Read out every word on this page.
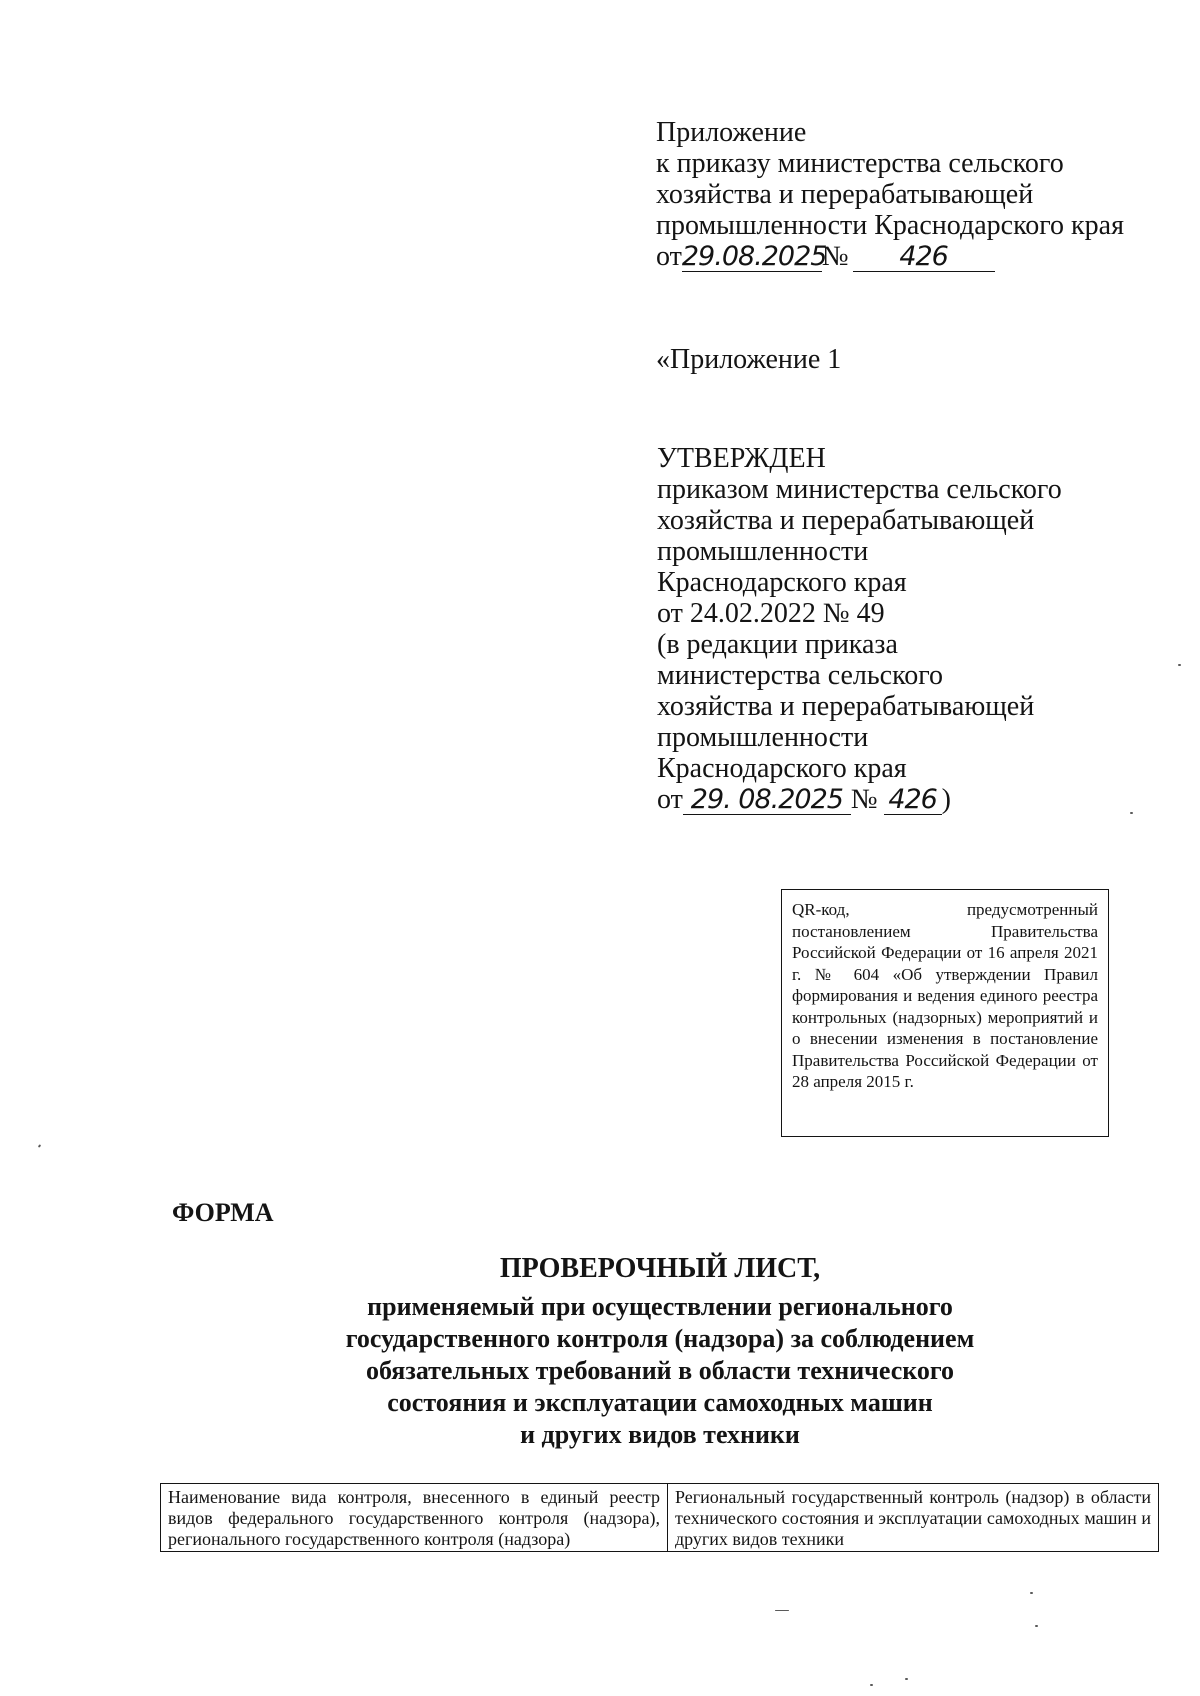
Приложение
к приказу министерства сельского
хозяйства и перерабатывающей
промышленности Краснодарского края
от29.08.2025№ 426
«Приложение 1
УТВЕРЖДЕН
приказом министерства сельского
хозяйства и перерабатывающей
промышленности
Краснодарского края
от 24.02.2022 № 49
(в редакции приказа
министерства сельского
хозяйства и перерабатывающей
промышленности
Краснодарского края
от 29. 08.2025 № 426 )
QR-код, предусмотренный постановлением Правительства Российской Федерации от 16 апреля 2021 г. № 604 «Об утверждении Правил формирования и ведения единого реестра контрольных (надзорных) мероприятий и о внесении изменения в постановление Правительства Российской Федерации от 28 апреля 2015 г.
ФОРМА
ПРОВЕРОЧНЫЙ ЛИСТ,
применяемый при осуществлении регионального
государственного контроля (надзора) за соблюдением
обязательных требований в области технического
состояния и эксплуатации самоходных машин
и других видов техники
Наименование вида контроля, внесенного в единый реестр видов федерального государственного контроля (надзора), регионального государственного контроля (надзора)	Региональный государственный контроль (надзор) в области технического состояния и эксплуатации самоходных машин и других видов техники
